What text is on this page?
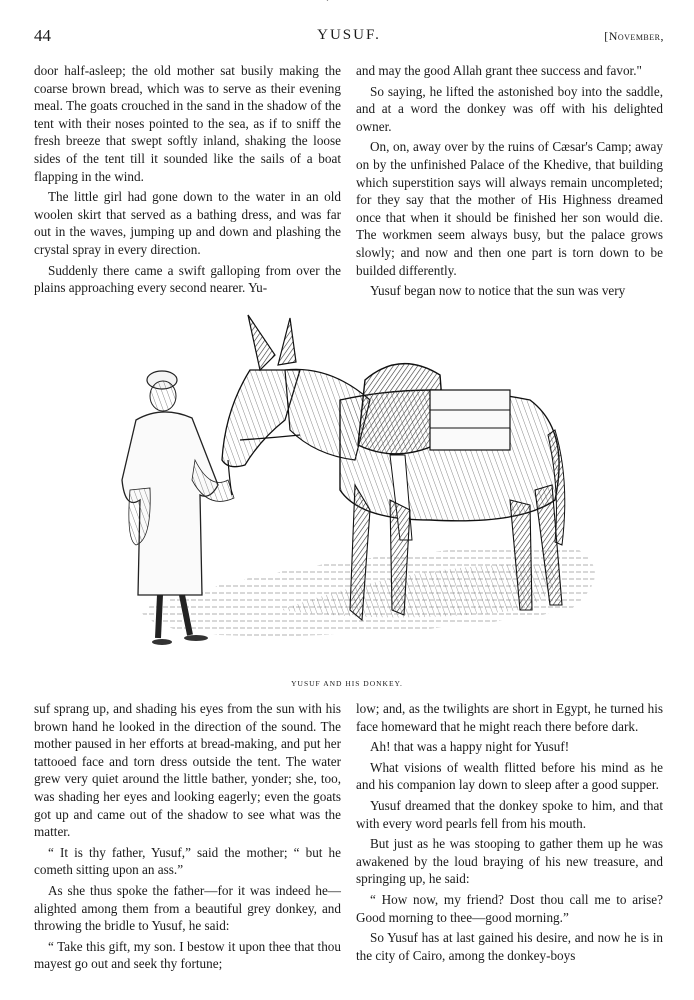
´
44	YUSUF.	[November,

door half-asleep; the old mother sat busily making the coarse brown bread, which was to serve as their evening meal. The goats crouched in the sand in the shadow of the tent with their noses pointed to the sea, as if to sniff the fresh breeze that swept softly inland, shaking the loose sides of the tent till it sounded like the sails of a boat flapping in the wind.

The little girl had gone down to the water in an old woolen skirt that served as a bathing dress, and was far out in the waves, jumping up and down and plashing the crystal spray in every direction.

Suddenly there came a swift galloping from over the plains approaching every second nearer. Yu-

and may the good Allah grant thee success and favor."

So saying, he lifted the astonished boy into the saddle, and at a word the donkey was off with his delighted owner.

On, on, away over by the ruins of Cæsar's Camp; away on by the unfinished Palace of the Khedive, that building which superstition says will always remain uncompleted; for they say that the mother of His Highness dreamed once that when it should be finished her son would die. The workmen seem always busy, but the palace grows slowly; and now and then one part is torn down to be builded differently.

Yusuf began now to notice that the sun was very

YUSUF AND HIS DONKEY.

suf sprang up, and shading his eyes from the sun with his brown hand he looked in the direction of the sound. The mother paused in her efforts at bread-making, and put her tattooed face and torn dress outside the tent. The water grew very quiet around the little bather, yonder; she, too, was shading her eyes and looking eagerly; even the goats got up and came out of the shadow to see what was the matter.

“ It is thy father, Yusuf,” said the mother; “ but he cometh sitting upon an ass.”

As she thus spoke the father—for it was indeed he—alighted among them from a beautiful grey donkey, and throwing the bridle to Yusuf, he said:

“ Take this gift, my son. I bestow it upon thee that thou mayest go out and seek thy fortune;

low; and, as the twilights are short in Egypt, he turned his face homeward that he might reach there before dark.

Ah! that was a happy night for Yusuf!

What visions of wealth flitted before his mind as he and his companion lay down to sleep after a good supper.

Yusuf dreamed that the donkey spoke to him, and that with every word pearls fell from his mouth.

But just as he was stooping to gather them up he was awakened by the loud braying of his new treasure, and springing up, he said:

“ How now, my friend? Dost thou call me to arise? Good morning to thee—good morning.”

So Yusuf has at last gained his desire, and now he is in the city of Cairo, among the donkey-boys
